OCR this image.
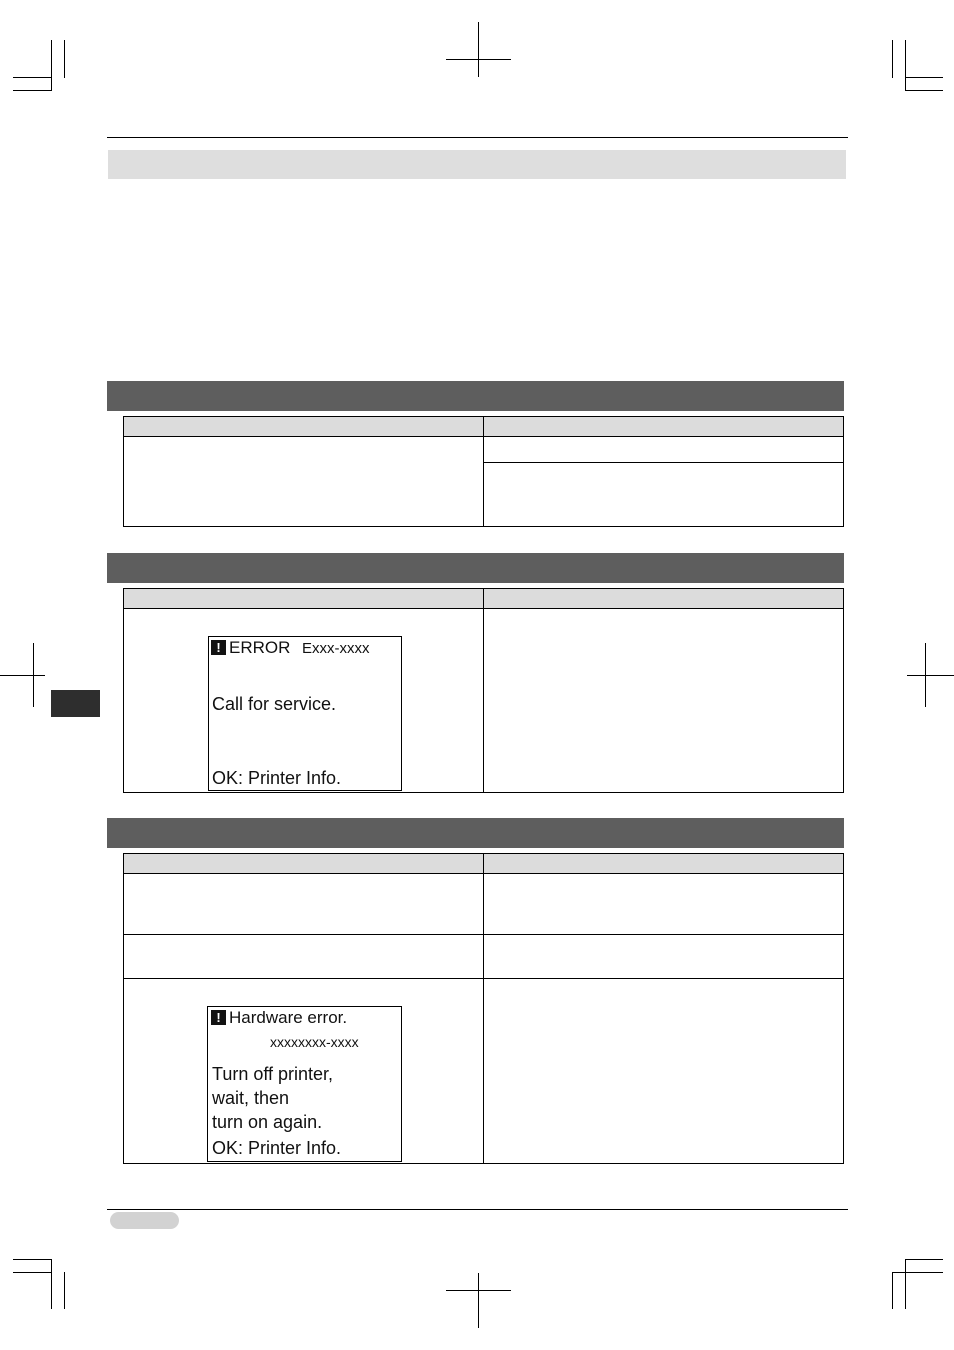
! ERROR Exxx-xxxx
Call for service.
OK: Printer Info.

! Hardware error.
xxxxxxxx-xxxx
Turn off printer,
wait, then
turn on again.
OK: Printer Info.
